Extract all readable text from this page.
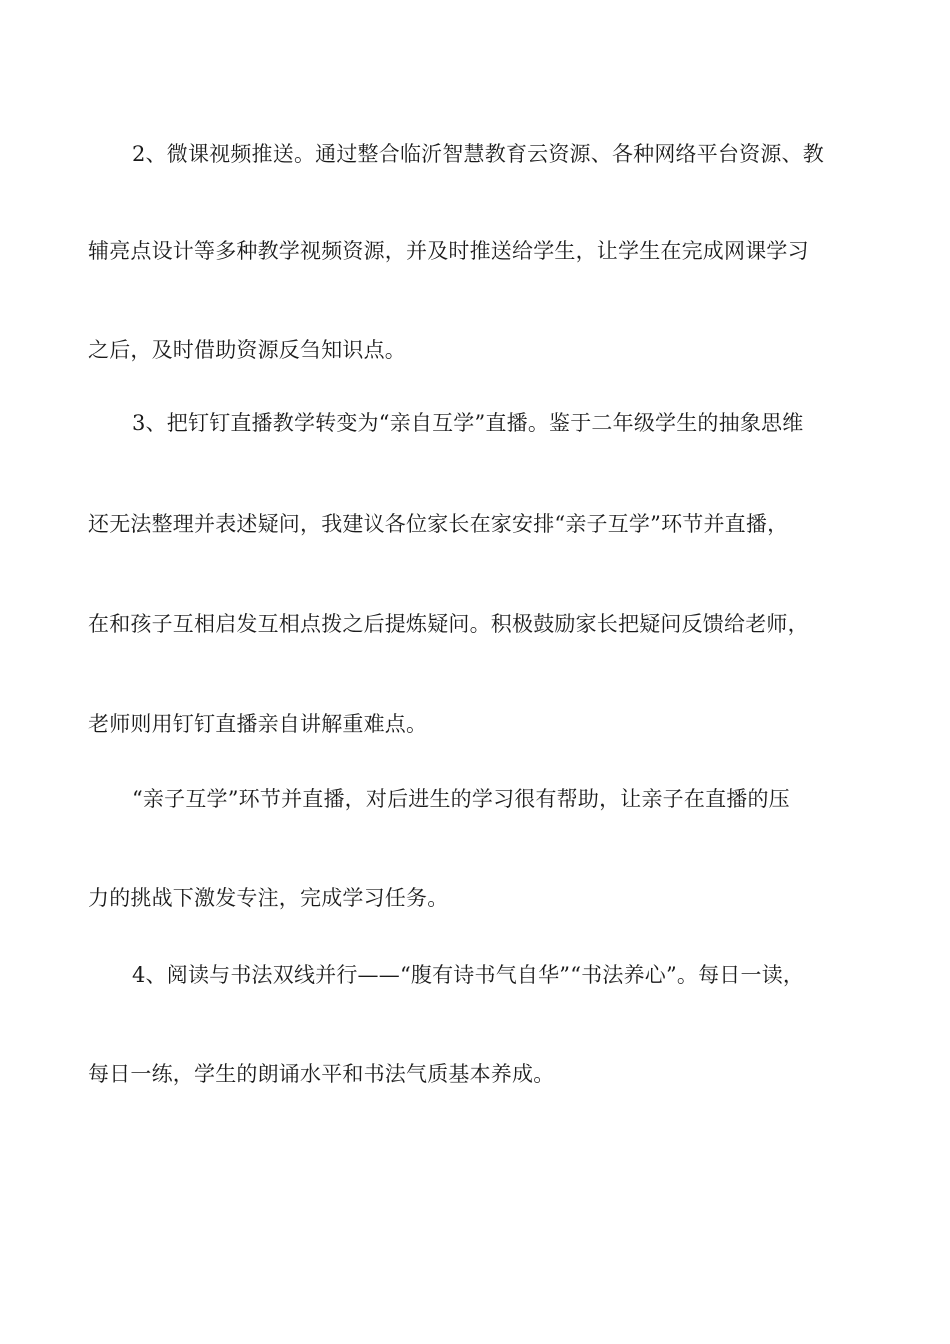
2、微课视频推送。通过整合临沂智慧教育云资源、各种网络平台资源、教
辅亮点设计等多种教学视频资源，并及时推送给学生，让学生在完成网课学习
之后，及时借助资源反刍知识点。
3、把钉钉直播教学转变为“亲自互学”直播。鉴于二年级学生的抽象思维
还无法整理并表述疑问，我建议各位家长在家安排“亲子互学”环节并直播，
在和孩子互相启发互相点拨之后提炼疑问。积极鼓励家长把疑问反馈给老师，
老师则用钉钉直播亲自讲解重难点。
“亲子互学”环节并直播，对后进生的学习很有帮助，让亲子在直播的压
力的挑战下激发专注，完成学习任务。
4、阅读与书法双线并行——“腹有诗书气自华”“书法养心”。每日一读，
每日一练，学生的朗诵水平和书法气质基本养成。
